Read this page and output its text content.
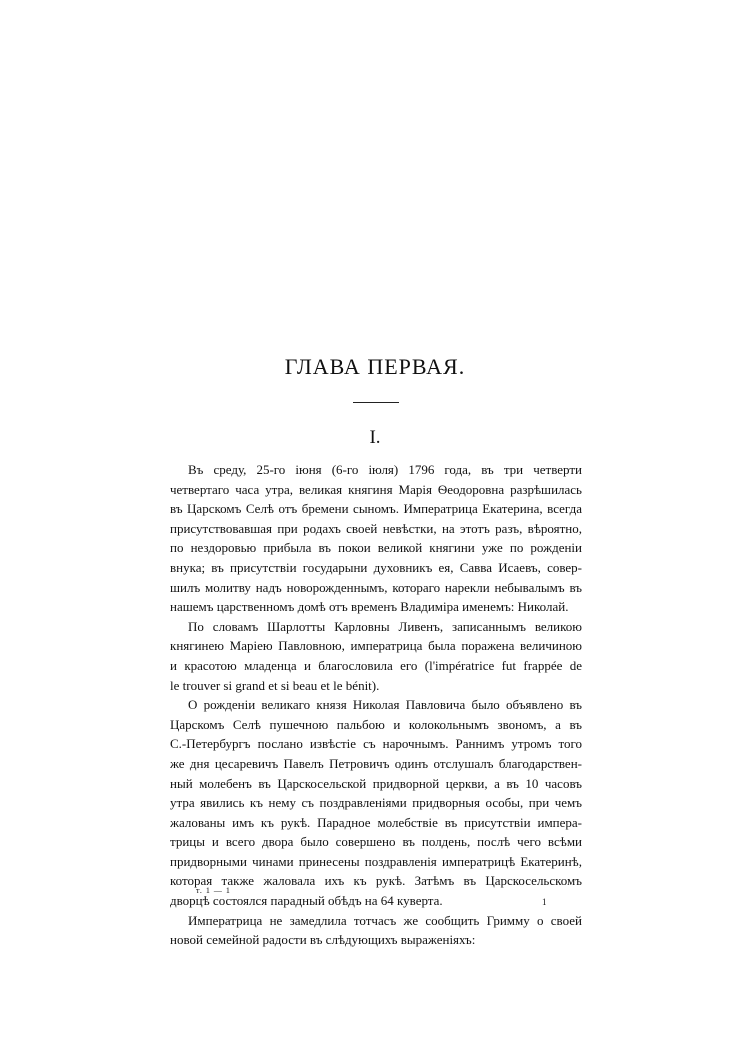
ГЛАВА ПЕРВАЯ.
I.

Въ среду, 25-го іюня (6-го іюля) 1796 года, въ три четверти
четвертаго часа утра, великая княгиня Марія Ѳеодоровна разрѣшилась
въ Царскомъ Селѣ отъ бремени сыномъ. Императрица Екатерина, всегда
присутствовавшая при родахъ своей невѣстки, на этотъ разъ, вѣроятно,
по нездоровью прибыла въ покои великой княгини уже по рожденіи
внука; въ присутствіи государыни духовникъ ея, Савва Исаевъ, совер-
шилъ молитву надъ новорожденнымъ, котораго нарекли небывалымъ въ
нашемъ царственномъ домѣ отъ временъ Владиміра именемъ: Николай.

По словамъ Шарлотты Карловны Ливенъ, записаннымъ великою
княгинею Маріею Павловною, императрица была поражена величиною
и красотою младенца и благословила его (l'impératrice fut frappée de
le trouver si grand et si beau et le bénit).

О рожденіи великаго князя Николая Павловича было объявлено въ
Царскомъ Селѣ пушечною пальбою и колокольнымъ звономъ, а въ
С.-Петербургъ послано извѣстіе съ нарочнымъ. Раннимъ утромъ того
же дня цесаревичъ Павелъ Петровичъ одинъ отслушалъ благодарствен-
ный молебенъ въ Царскосельской придворной церкви, а въ 10 часовъ
утра явились къ нему съ поздравленіями придворныя особы, при чемъ
жалованы имъ къ рукѣ. Парадное молебствіе въ присутствіи импера-
трицы и всего двора было совершено въ полдень, послѣ чего всѣми
придворными чинами принесены поздравленія императрицѣ Екатеринѣ,
которая также жаловала ихъ къ рукѣ. Затѣмъ въ Царскосельскомъ
дворцѣ состоялся парадный обѣдъ на 64 куверта.

Императрица не замедлила тотчасъ же сообщить Гримму о своей
новой семейной радости въ слѣдующихъ выраженіяхъ:

т. 1 — 1
1
